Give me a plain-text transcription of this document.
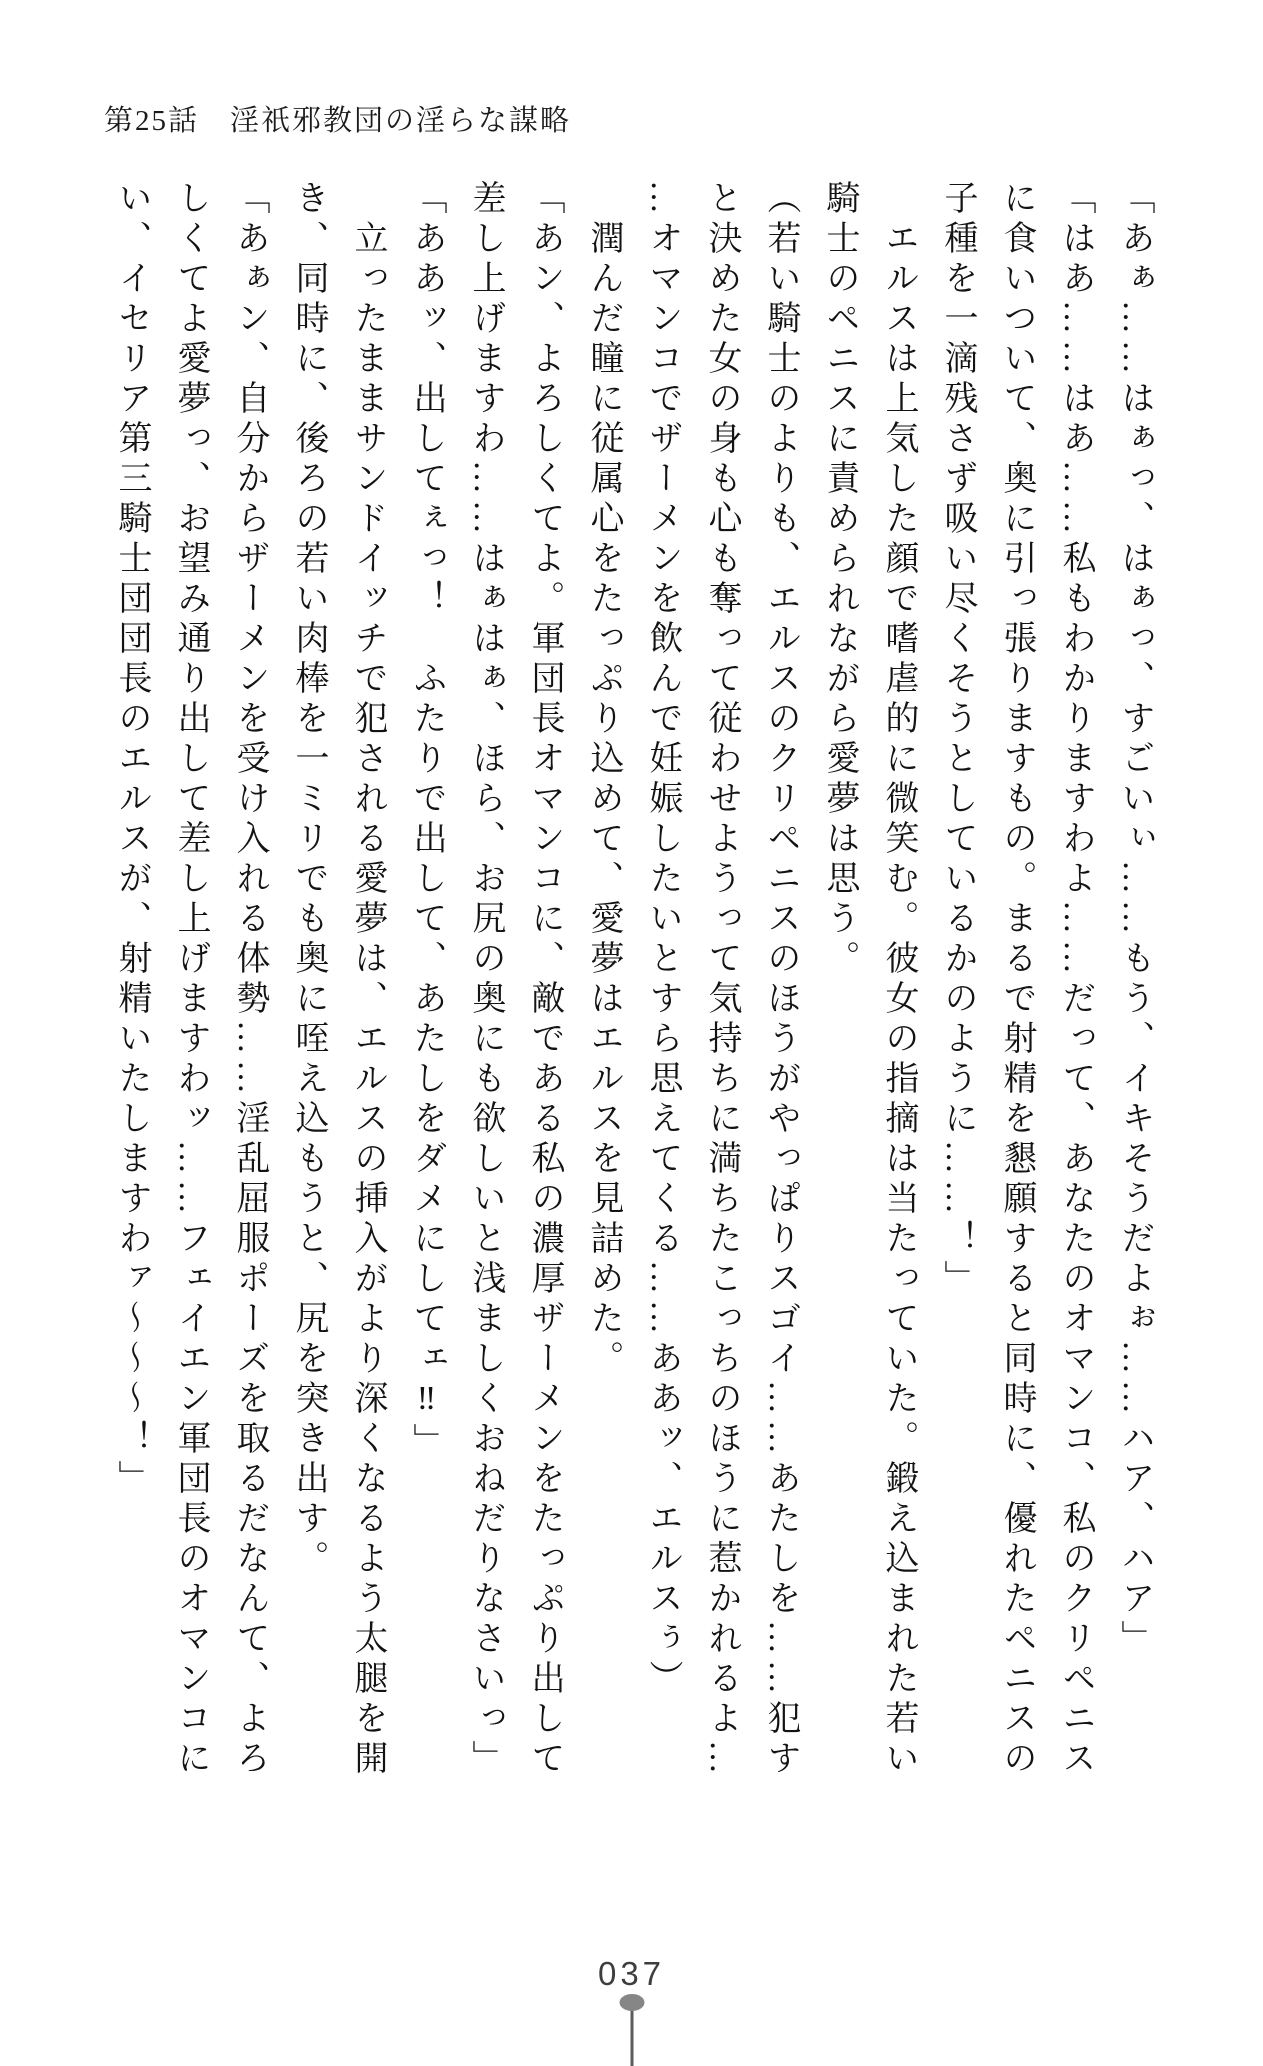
第25話　淫祇邪教団の淫らな謀略

「あぁ……はぁっ、はぁっ、すごいぃ……もう、イキそうだよぉ……ハア、ハア」

「はあ……はあ……私もわかりますわよ……だって、あなたのオマンコ、私のクリペニス

に食いついて、奥に引っ張りますもの。まるで射精を懇願すると同時に、優れたペニスの

子種を一滴残さず吸い尽くそうとしているかのように……！」

　エルスは上気した顔で嗜虐的に微笑む。彼女の指摘は当たっていた。鍛え込まれた若い

騎士のペニスに責められながら愛夢は思う。

（若い騎士のよりも、エルスのクリペニスのほうがやっぱりスゴイ……あたしを……犯す

と決めた女の身も心も奪って従わせようって気持ちに満ちたこっちのほうに惹かれるよ…

…オマンコでザーメンを飲んで妊娠したいとすら思えてくる……ああッ、エルスぅ）

　潤んだ瞳に従属心をたっぷり込めて、愛夢はエルスを見詰めた。

「あン、よろしくてよ。軍団長オマンコに、敵である私の濃厚ザーメンをたっぷり出して

差し上げますわ……はぁはぁ、ほら、お尻の奥にも欲しいと浅ましくおねだりなさいっ」

「ああッ、出してぇっ！　ふたりで出して、あたしをダメにしてェ‼」

　立ったままサンドイッチで犯される愛夢は、エルスの挿入がより深くなるよう太腿を開

き、同時に、後ろの若い肉棒を一ミリでも奥に咥え込もうと、尻を突き出す。

「あぁン、自分からザーメンを受け入れる体勢……淫乱屈服ポーズを取るだなんて、よろ

しくてよ愛夢っ、お望み通り出して差し上げますわッ……フェイエン軍団長のオマンコに

い、イセリア第三騎士団団長のエルスが、射精いたしますわァ～～～！」

037
